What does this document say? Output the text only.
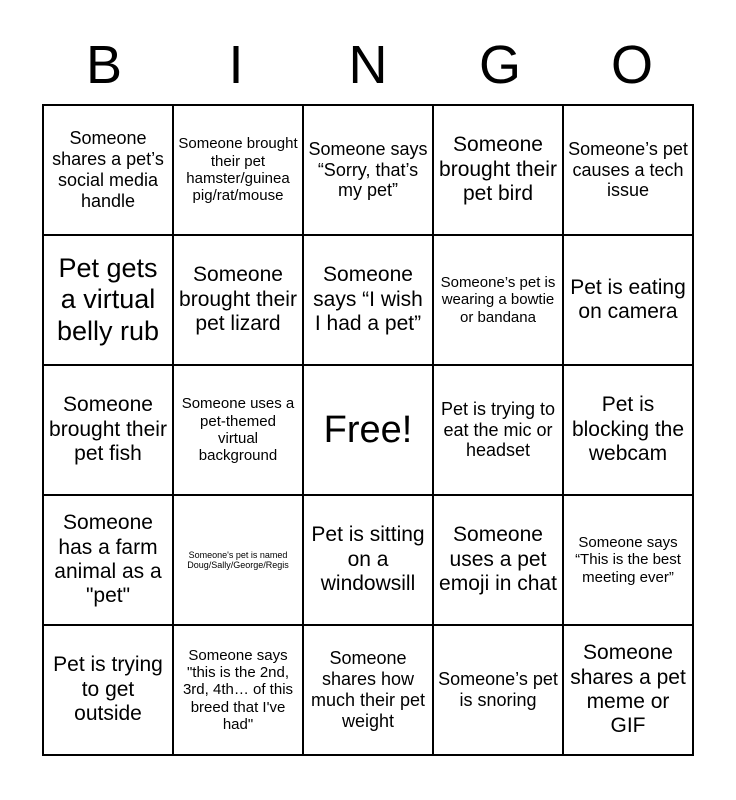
B	I	N	G	O
Someone shares a pet’s social media handle	Someone brought their pet hamster/guinea pig/rat/mouse	Someone says “Sorry, that’s my pet”	Someone brought their pet bird	Someone’s pet causes a tech issue
Pet gets a virtual belly rub	Someone brought their pet lizard	Someone says “I wish I had a pet”	Someone’s pet is wearing a bowtie or bandana	Pet is eating on camera
Someone brought their pet fish	Someone uses a pet-themed virtual background	Free!	Pet is trying to eat the mic or headset	Pet is blocking the webcam
Someone has a farm animal as a "pet"	Someone's pet is named Doug/Sally/George/Regis	Pet is sitting on a windowsill	Someone uses a pet emoji in chat	Someone says “This is the best meeting ever”
Pet is trying to get outside	Someone says "this is the 2nd, 3rd, 4th… of this breed that I've had"	Someone shares how much their pet weight	Someone’s pet is snoring	Someone shares a pet meme or GIF
